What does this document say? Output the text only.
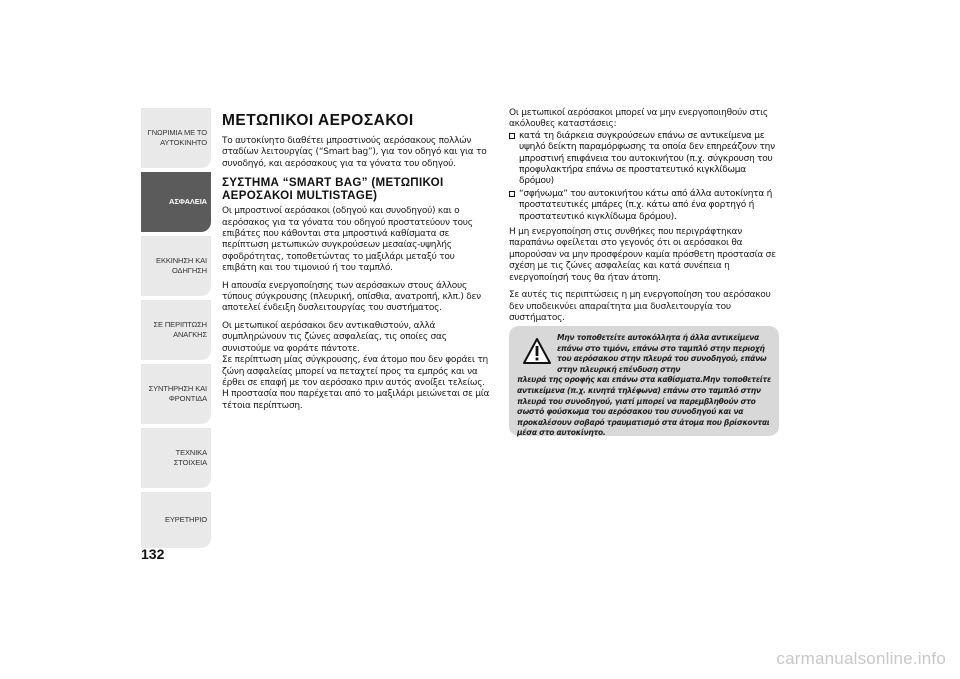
ΓΝΩΡΙΜΙΑ ΜΕ ΤΟ
ΑΥΤΟΚΙΝΗΤΟ
ΑΣΦΑΛΕΙΑ
ΕΚΚΙΝΗΣΗ ΚΑΙ
ΟΔΗΓΗΣΗ
ΣΕ ΠΕΡΙΠΤΩΣΗ
ΑΝΑΓΚΗΣ
ΣΥΝΤΗΡΗΣΗ ΚΑΙ
ΦΡΟΝΤΙΔΑ
ΤΕΧΝΙΚΑ ΣΤΟΙΧΕΙΑ
ΕΥΡΕΤΗΡΙΟ
132
ΜΕΤΩΠΙΚΟΙ ΑΕΡΟΣΑΚΟΙ

Το αυτοκίνητο διαθέτει μπροστινούς αερόσακους πολλών σταδίων λειτουργίας (“Smart bag”), για τον οδηγό και για το συνοδηγό, και αερόσακους για τα γόνατα του οδηγού.

ΣΥΣΤΗΜΑ “SMART BAG” (ΜΕΤΩΠΙΚΟΙ ΑΕΡΟΣΑΚΟΙ MULTISTAGE)

Οι μπροστινοί αερόσακοι (οδηγού και συνοδηγού) και ο αερόσακος για τα γόνατα του οδηγού προστατεύουν τους επιβάτες που κάθονται στα μπροστινά καθίσματα σε περίπτωση μετωπικών συγκρούσεων μεσαίας-υψηλής σφοδρότητας, τοποθετώντας το μαξιλάρι μεταξύ του επιβάτη και του τιμονιού ή του ταμπλό.

Η απουσία ενεργοποίησης των αερόσακων στους άλλους τύπους σύγκρουσης (πλευρική, οπίσθια, ανατροπή, κλπ.) δεν αποτελεί ένδειξη δυσλειτουργίας του συστήματος.

Οι μετωπικοί αερόσακοι δεν αντικαθιστούν, αλλά συμπληρώνουν τις ζώνες ασφαλείας, τις οποίες σας συνιστούμε να φοράτε πάντοτε.

Σε περίπτωση μίας σύγκρουσης, ένα άτομο που δεν φοράει τη ζώνη ασφαλείας μπορεί να πεταχτεί προς τα εμπρός και να έρθει σε επαφή με τον αερόσακο πριν αυτός ανοίξει τελείως. Η προστασία που παρέχεται από το μαξιλάρι μειώνεται σε μία τέτοια περίπτωση.

Οι μετωπικοί αερόσακοι μπορεί να μην ενεργοποιηθούν στις ακόλουθες καταστάσεις:

κατά τη διάρκεια συγκρούσεων επάνω σε αντικείμενα με υψηλό δείκτη παραμόρφωσης τα οποία δεν επηρεάζουν την μπροστινή επιφάνεια του αυτοκινήτου (π.χ. σύγκρουση του προφυλακτήρα επάνω σε προστατευτικό κιγκλίδωμα δρόμου)
“σφήνωμα” του αυτοκινήτου κάτω από άλλα αυτοκίνητα ή προστατευτικές μπάρες (π.χ. κάτω από ένα φορτηγό ή προστατευτικό κιγκλίδωμα δρόμου).

Η μη ενεργοποίηση στις συνθήκες που περιγράφτηκαν παραπάνω οφείλεται στο γεγονός ότι οι αερόσακοι θα μπορούσαν να μην προσφέρουν καμία πρόσθετη προστασία σε σχέση με τις ζώνες ασφαλείας και κατά συνέπεια η ενεργοποίησή τους θα ήταν άτοπη.

Σε αυτές τις περιπτώσεις η μη ενεργοποίηση του αερόσακου δεν υποδεικνύει απαραίτητα μια δυσλειτουργία του συστήματος.

Μην τοποθετείτε αυτοκόλλητα ή άλλα αντικείμενα επάνω στο τιμόνι, επάνω στο ταμπλό στην περιοχή του αερόσακου στην πλευρά του συνοδηγού, επάνω στην πλευρική επένδυση στην
πλευρά της οροφής και επάνω στα καθίσματα.Μην τοποθετείτε αντικείμενα (π.χ. κινητά τηλέφωνα) επάνω στο ταμπλό στην πλευρά του συνοδηγού, γιατί μπορεί να παρεμβληθούν στο σωστό φούσκωμα του αερόσακου του συνοδηγού και να προκαλέσουν σοβαρό τραυματισμό στα άτομα που βρίσκονται μέσα στο αυτοκίνητο.
carmanualsonline.info
